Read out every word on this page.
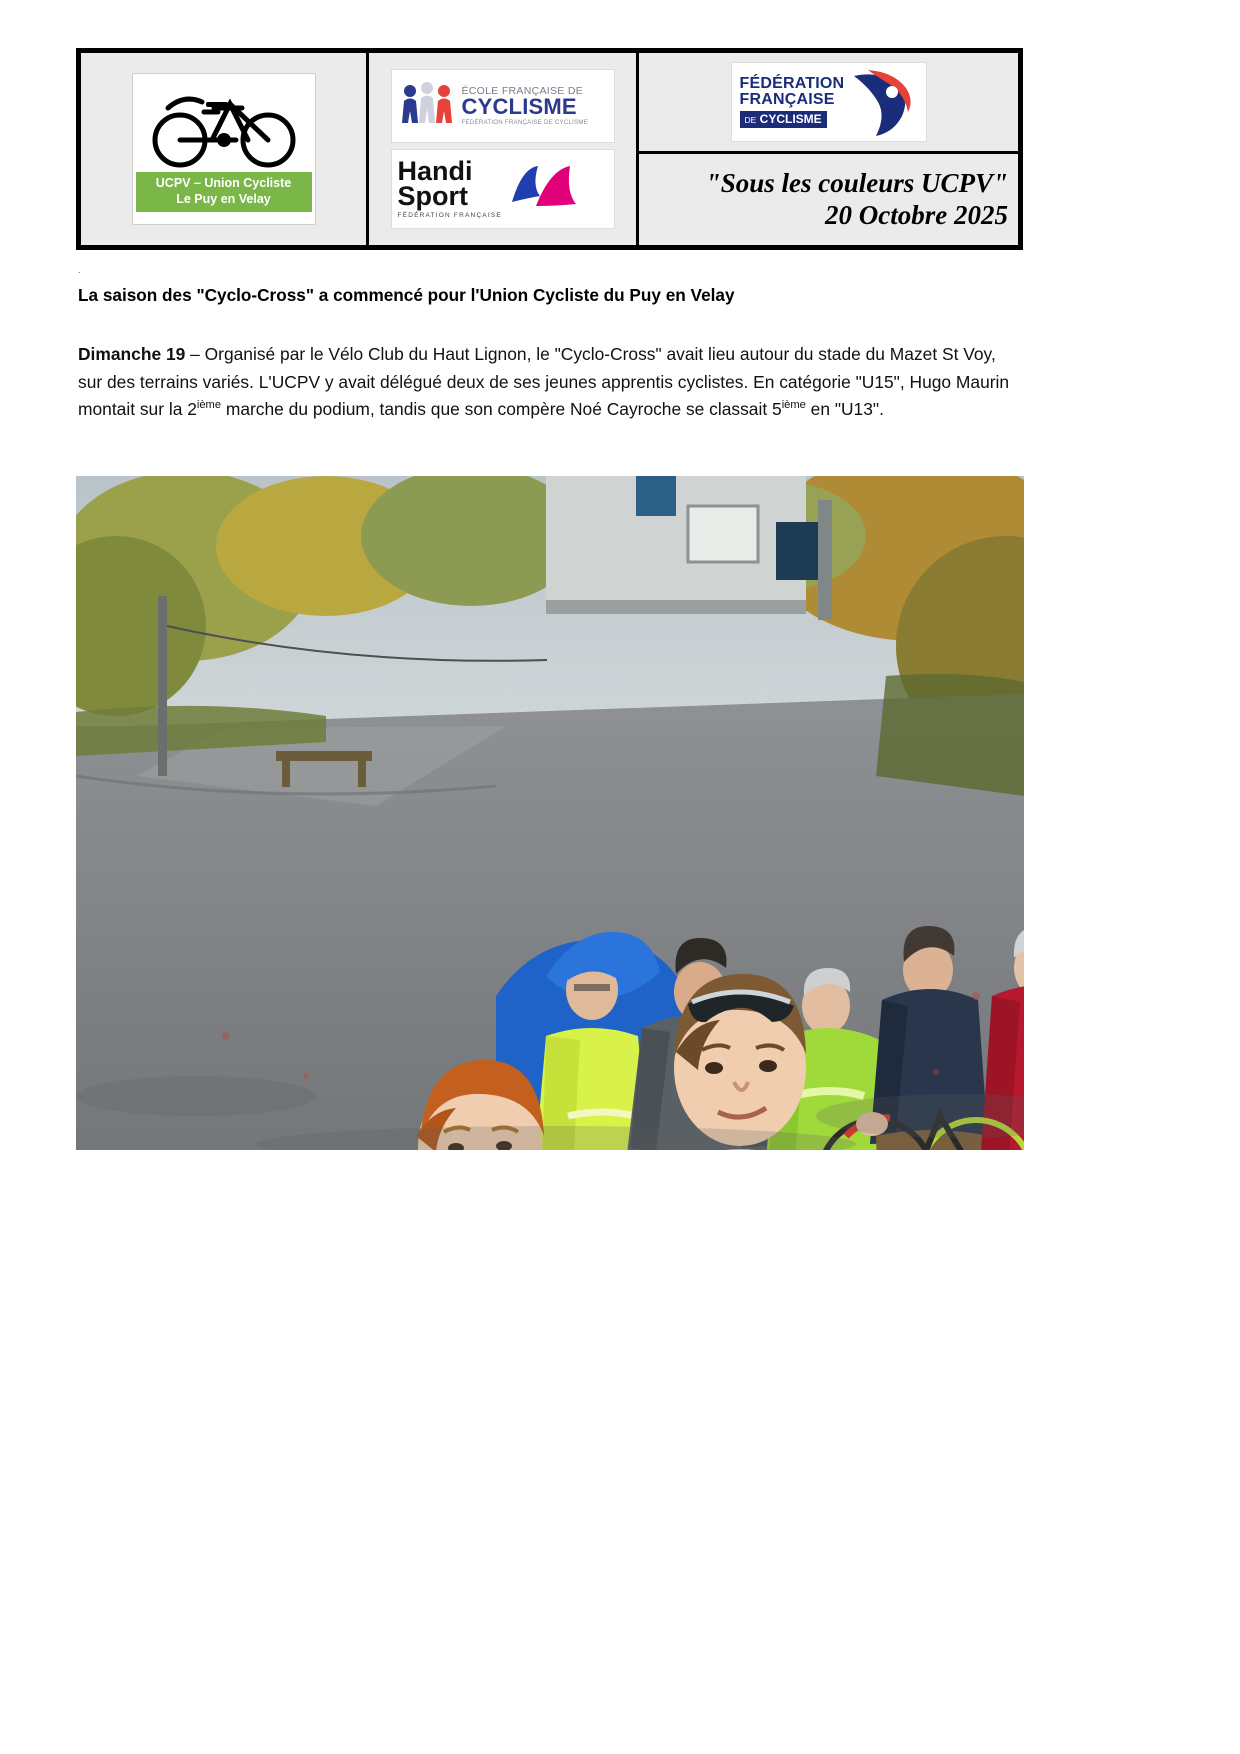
UCPV – Union Cycliste
Le Puy en Velay
ÉCOLE FRANÇAISE DE
CYCLISME
FÉDÉRATION FRANÇAISE DE CYCLISME
Handi
Sport
FÉDÉRATION FRANÇAISE
FÉDÉRATION
FRANÇAISE
DE CYCLISME
"Sous les couleurs UCPV"
20 Octobre 2025
.
La saison des "Cyclo-Cross" a commencé pour l'Union Cycliste du Puy en Velay
Dimanche 19 – Organisé par le Vélo Club du Haut Lignon, le "Cyclo-Cross" avait lieu autour du stade du Mazet St Voy, sur des terrains variés. L'UCPV y avait délégué deux de ses jeunes apprentis cyclistes. En catégorie "U15", Hugo Maurin montait sur la 2ième marche du podium, tandis que son compère Noé Cayroche se classait 5ième en "U13".
